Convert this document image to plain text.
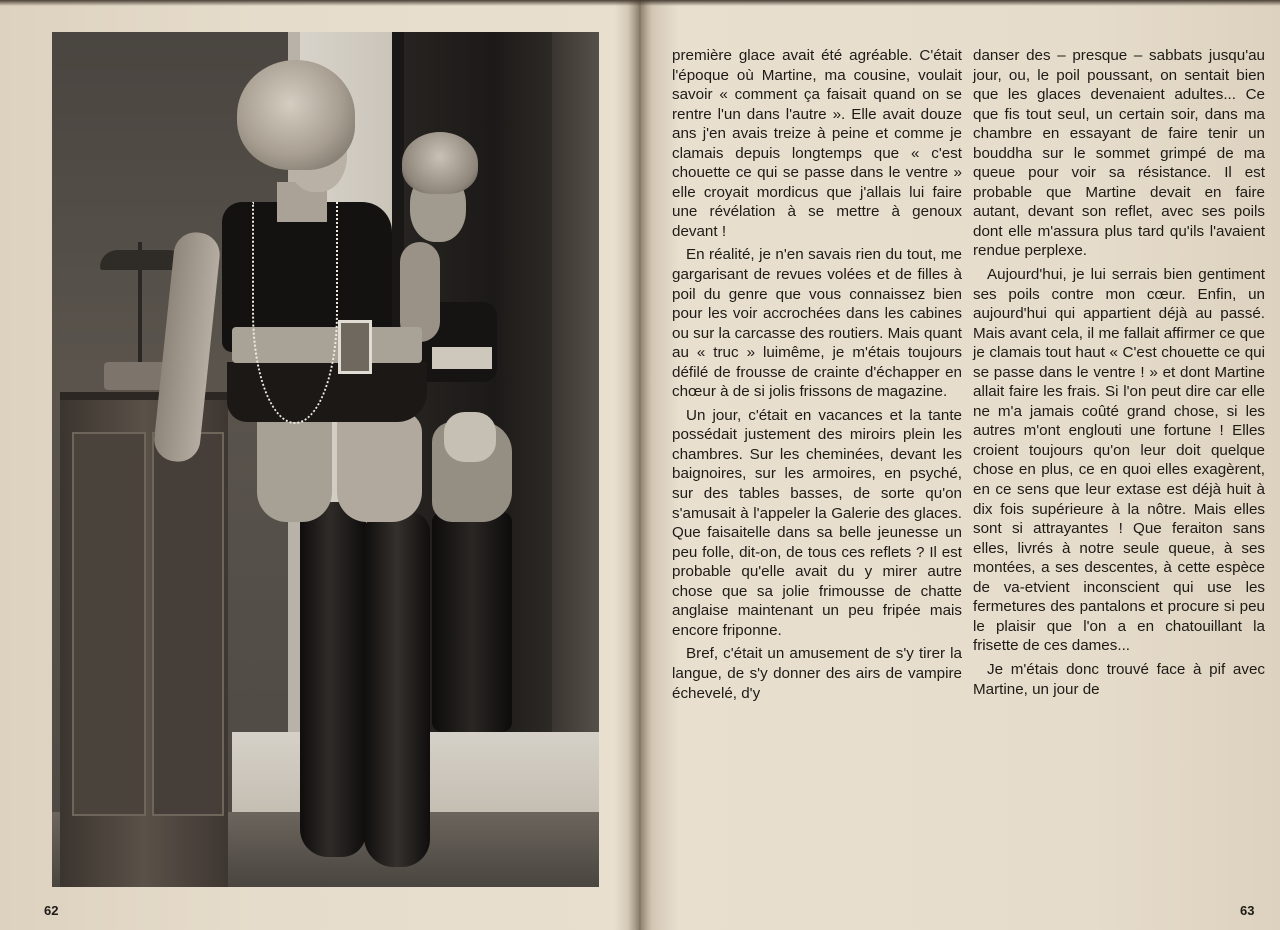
première glace avait été agréable. C'était l'époque où Martine, ma cousine, voulait savoir « comment ça faisait quand on se rentre l'un dans l'autre ». Elle avait douze ans j'en avais treize à peine et comme je clamais depuis longtemps que « c'est chouette ce qui se passe dans le ventre » elle croyait mordicus que j'allais lui faire une révélation à se mettre à genoux devant !

En réalité, je n'en savais rien du tout, me gargarisant de revues volées et de filles à poil du genre que vous connaissez bien pour les voir accrochées dans les cabines ou sur la carcasse des routiers. Mais quant au « truc » luimême, je m'étais toujours défilé de frousse de crainte d'échapper en chœur à de si jolis frissons de magazine.

Un jour, c'était en vacances et la tante possédait justement des miroirs plein les chambres. Sur les cheminées, devant les baignoires, sur les armoires, en psyché, sur des tables basses, de sorte qu'on s'amusait à l'appeler la Galerie des glaces. Que faisaitelle dans sa belle jeunesse un peu folle, dit-on, de tous ces reflets ? Il est probable qu'elle avait du y mirer autre chose que sa jolie frimousse de chatte anglaise maintenant un peu fripée mais encore friponne.

Bref, c'était un amusement de s'y tirer la langue, de s'y donner des airs de vampire échevelé, d'y

danser des – presque – sabbats jusqu'au jour, ou, le poil poussant, on sentait bien que les glaces devenaient adultes... Ce que fis tout seul, un certain soir, dans ma chambre en essayant de faire tenir un bouddha sur le sommet grimpé de ma queue pour voir sa résistance. Il est probable que Martine devait en faire autant, devant son reflet, avec ses poils dont elle m'assura plus tard qu'ils l'avaient rendue perplexe.

Aujourd'hui, je lui serrais bien gentiment ses poils contre mon cœur. Enfin, un aujourd'hui qui appartient déjà au passé. Mais avant cela, il me fallait affirmer ce que je clamais tout haut « C'est chouette ce qui se passe dans le ventre ! » et dont Martine allait faire les frais. Si l'on peut dire car elle ne m'a jamais coûté grand chose, si les autres m'ont englouti une fortune ! Elles croient toujours qu'on leur doit quelque chose en plus, ce en quoi elles exagèrent, en ce sens que leur extase est déjà huit à dix fois supérieure à la nôtre. Mais elles sont si attrayantes ! Que feraiton sans elles, livrés à notre seule queue, à ses montées, a ses descentes, à cette espèce de va-etvient inconscient qui use les fermetures des pantalons et procure si peu le plaisir que l'on a en chatouillant la frisette de ces dames...

Je m'étais donc trouvé face à pif avec Martine, un jour de

62	63
